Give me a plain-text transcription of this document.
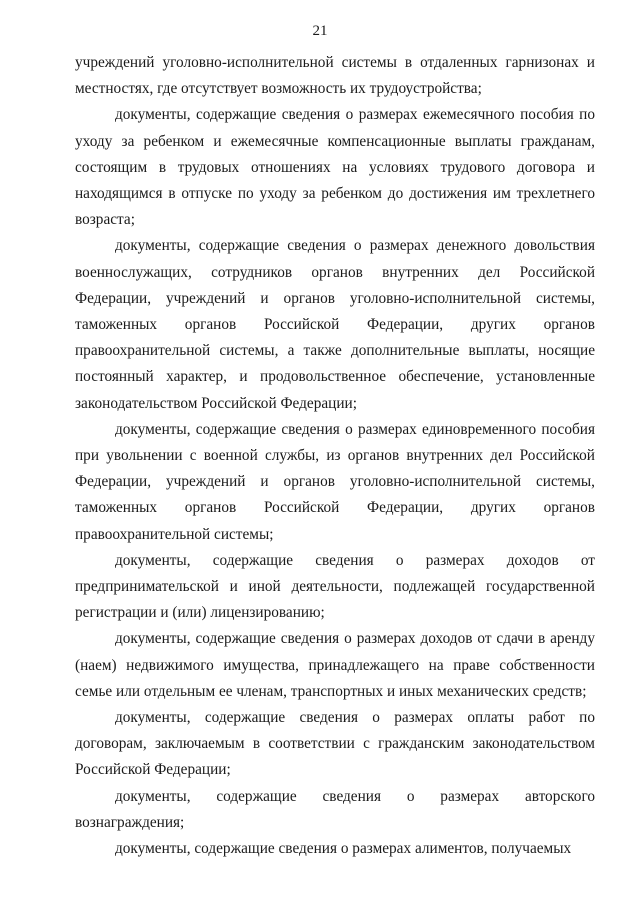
21

учреждений уголовно-исполнительной системы в отдаленных гарнизонах и местностях, где отсутствует возможность их трудоустройства;

документы, содержащие сведения о размерах ежемесячного пособия по уходу за ребенком и ежемесячные компенсационные выплаты гражданам, состоящим в трудовых отношениях на условиях трудового договора и находящимся в отпуске по уходу за ребенком до достижения им трехлетнего возраста;

документы, содержащие сведения о размерах денежного довольствия военнослужащих, сотрудников органов внутренних дел Российской Федерации, учреждений и органов уголовно-исполнительной системы, таможенных органов Российской Федерации, других органов правоохранительной системы, а также дополнительные выплаты, носящие постоянный характер, и продовольственное обеспечение, установленные законодательством Российской Федерации;

документы, содержащие сведения о размерах единовременного пособия при увольнении с военной службы, из органов внутренних дел Российской Федерации, учреждений и органов уголовно-исполнительной системы, таможенных органов Российской Федерации, других органов правоохранительной системы;

документы, содержащие сведения о размерах доходов от предпринимательской и иной деятельности, подлежащей государственной регистрации и (или) лицензированию;

документы, содержащие сведения о размерах доходов от сдачи в аренду (наем) недвижимого имущества, принадлежащего на праве собственности семье или отдельным ее членам, транспортных и иных механических средств;

документы, содержащие сведения о размерах оплаты работ по договорам, заключаемым в соответствии с гражданским законодательством Российской Федерации;

документы, содержащие сведения о размерах авторского вознаграждения;

документы, содержащие сведения о размерах алиментов, получаемых
